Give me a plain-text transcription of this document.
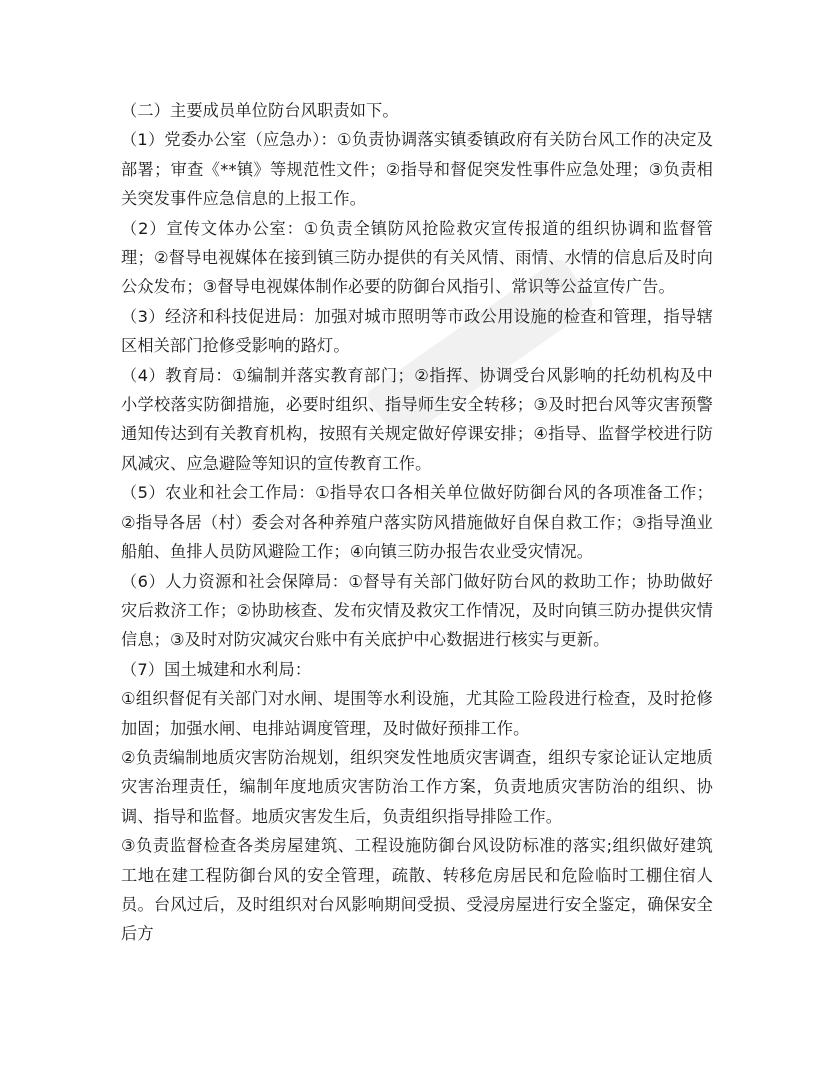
（二）主要成员单位防台风职责如下。

（1）党委办公室（应急办）：①负责协调落实镇委镇政府有关防台风工作的决定及部署；审查《**镇》等规范性文件；②指导和督促突发性事件应急处理；③负责相关突发事件应急信息的上报工作。

（2）宣传文体办公室：①负责全镇防风抢险救灾宣传报道的组织协调和监督管理；②督导电视媒体在接到镇三防办提供的有关风情、雨情、水情的信息后及时向公众发布；③督导电视媒体制作必要的防御台风指引、常识等公益宣传广告。

（3）经济和科技促进局：加强对城市照明等市政公用设施的检查和管理，指导辖区相关部门抢修受影响的路灯。

（4）教育局：①编制并落实教育部门；②指挥、协调受台风影响的托幼机构及中小学校落实防御措施，必要时组织、指导师生安全转移；③及时把台风等灾害预警通知传达到有关教育机构，按照有关规定做好停课安排；④指导、监督学校进行防风减灾、应急避险等知识的宣传教育工作。

（5）农业和社会工作局：①指导农口各相关单位做好防御台风的各项准备工作；②指导各居（村）委会对各种养殖户落实防风措施做好自保自救工作；③指导渔业船舶、鱼排人员防风避险工作；④向镇三防办报告农业受灾情况。

（6）人力资源和社会保障局：①督导有关部门做好防台风的救助工作；协助做好灾后救济工作；②协助核查、发布灾情及救灾工作情况，及时向镇三防办提供灾情信息；③及时对防灾减灾台账中有关底护中心数据进行核实与更新。

（7）国土城建和水利局：

①组织督促有关部门对水闸、堤围等水利设施，尤其险工险段进行检查，及时抢修加固；加强水闸、电排站调度管理，及时做好预排工作。

②负责编制地质灾害防治规划，组织突发性地质灾害调查，组织专家论证认定地质灾害治理责任，编制年度地质灾害防治工作方案，负责地质灾害防治的组织、协调、指导和监督。地质灾害发生后，负责组织指导排险工作。

③负责监督检查各类房屋建筑、工程设施防御台风设防标准的落实;组织做好建筑工地在建工程防御台风的安全管理，疏散、转移危房居民和危险临时工棚住宿人员。台风过后，及时组织对台风影响期间受损、受浸房屋进行安全鉴定，确保安全后方
